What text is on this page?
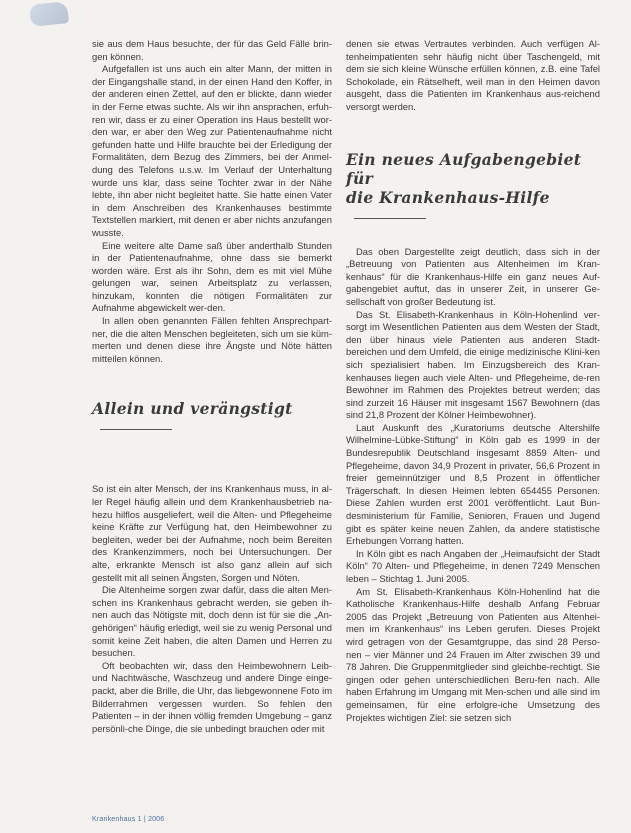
sie aus dem Haus besuchte, der für das Geld Fälle brin-gen können.

Aufgefallen ist uns auch ein alter Mann, der mitten in der Eingangshalle stand, in der einen Hand den Koffer, in der anderen einen Zettel, auf den er blickte, dann wieder in der Ferne etwas suchte. Als wir ihn ansprachen, erfuh-ren wir, dass er zu einer Operation ins Haus bestellt wor-den war, er aber den Weg zur Patientenaufnahme nicht gefunden hatte und Hilfe brauchte bei der Erledigung der Formalitäten, dem Bezug des Zimmers, bei der Anmel-dung des Telefons u.s.w. Im Verlauf der Unterhaltung wurde uns klar, dass seine Tochter zwar in der Nähe lebte, ihn aber nicht begleitet hatte. Sie hatte einen Vater in dem Anschreiben des Krankenhauses bestimmte Textstellen markiert, mit denen er aber nichts anzufangen wusste.

Eine weitere alte Dame saß über anderthalb Stunden in der Patientenaufnahme, ohne dass sie bemerkt worden wäre. Erst als ihr Sohn, dem es mit viel Mühe gelungen war, seinen Arbeitsplatz zu verlassen, hinzukam, konnten die nötigen Formalitäten zur Aufnahme abgewickelt wer-den.

In allen oben genannten Fällen fehlten Ansprechpart-ner, die die alten Menschen begleiteten, sich um sie küm-merten und denen diese ihre Ängste und Nöte hätten mitteilen können.

Allein und verängstigt

So ist ein alter Mensch, der ins Krankenhaus muss, in al-ler Regel häufig allein und dem Krankenhausbetrieb na-hezu hilflos ausgeliefert, weil die Alten- und Pflegeheime keine Kräfte zur Verfügung hat, den Heimbewohner zu begleiten, weder bei der Aufnahme, noch beim Bereiten des Krankenzimmers, noch bei Untersuchungen. Der alte, erkrankte Mensch ist also ganz allein auf sich gestellt mit all seinen Ängsten, Sorgen und Nöten.

Die Altenheime sorgen zwar dafür, dass die alten Men-schen ins Krankenhaus gebracht werden, sie geben ih-nen auch das Nötigste mit, doch denn ist für sie die „An-gehörigen“ häufig erledigt, weil sie zu wenig Personal und somit keine Zeit haben, die alten Damen und Herren zu besuchen.

Oft beobachten wir, dass den Heimbewohnern Leib- und Nachtwäsche, Waschzeug und andere Dinge einge-packt, aber die Brille, die Uhr, das liebgewonnene Foto im Bilderrahmen vergessen wurden. So fehlen den Patienten – in der ihnen völlig fremden Umgebung – ganz persönli-che Dinge, die sie unbedingt brauchen oder mit

denen sie etwas Vertrautes verbinden. Auch verfügen Al-tenheimpatienten sehr häufig nicht über Taschengeld, mit dem sie sich kleine Wünsche erfüllen können, z.B. eine Tafel Schokolade, ein Rätselheft, weil man in den Heimen davon ausgeht, dass die Patienten im Krankenhaus aus-reichend versorgt werden.

Ein neues Aufgabengebiet für
die Krankenhaus-Hilfe

Das oben Dargestellte zeigt deutlich, dass sich in der „Betreuung von Patienten aus Altenheimen im Kran-kenhaus“ für die Krankenhaus-Hilfe ein ganz neues Auf-gabengebiet auftut, das in unserer Zeit, in unserer Ge-sellschaft von großer Bedeutung ist.

Das St. Elisabeth-Krankenhaus in Köln-Hohenlind ver-sorgt im Wesentlichen Patienten aus dem Westen der Stadt, den über hinaus viele Patienten aus anderen Stadt-bereichen und dem Umfeld, die einige medizinische Klini-ken sich spezialisiert haben. Im Einzugsbereich des Kran-kenhauses liegen auch viele Alten- und Pflegeheime, de-ren Bewohner im Rahmen des Projektes betreut werden; das sind zurzeit 16 Häuser mit insgesamt 1567 Bewohnern (das sind 21,8 Prozent der Kölner Heimbewohner).

Laut Auskunft des „Kuratoriums deutsche Altershilfe Wilhelmine-Lübke-Stiftung“ in Köln gab es 1999 in der Bundesrepublik Deutschland insgesamt 8859 Alten- und Pflegeheime, davon 34,9 Prozent in privater, 56,6 Prozent in freier gemeinnütziger und 8,5 Prozent in öffentlicher Trägerschaft. In diesen Heimen lebten 654455 Personen. Diese Zahlen wurden erst 2001 veröffentlicht. Laut Bun-desministerium für Familie, Senioren, Frauen und Jugend gibt es später keine neuen Zahlen, da andere statistische Erhebungen Vorrang hatten.

In Köln gibt es nach Angaben der „Heimaufsicht der Stadt Köln“ 70 Alten- und Pflegeheime, in denen 7249 Menschen leben – Stichtag 1. Juni 2005.

Am St. Elisabeth-Krankenhaus Köln-Hohenlind hat die Katholische Krankenhaus-Hilfe deshalb Anfang Februar 2005 das Projekt „Betreuung von Patienten aus Altenhei-men im Krankenhaus“ ins Leben gerufen. Dieses Projekt wird getragen von der Gesamtgruppe, das sind 28 Perso-nen – vier Männer und 24 Frauen im Alter zwischen 39 und 78 Jahren. Die Gruppenmitglieder sind gleichbe-rechtigt. Sie gingen oder gehen unterschiedlichen Beru-fen nach. Alle haben Erfahrung im Umgang mit Men-schen und alle sind im gemeinsamen, für eine erfolgre-iche Umsetzung des Projektes wichtigen Ziel: sie setzen sich

Krankenhaus 1 | 2006
